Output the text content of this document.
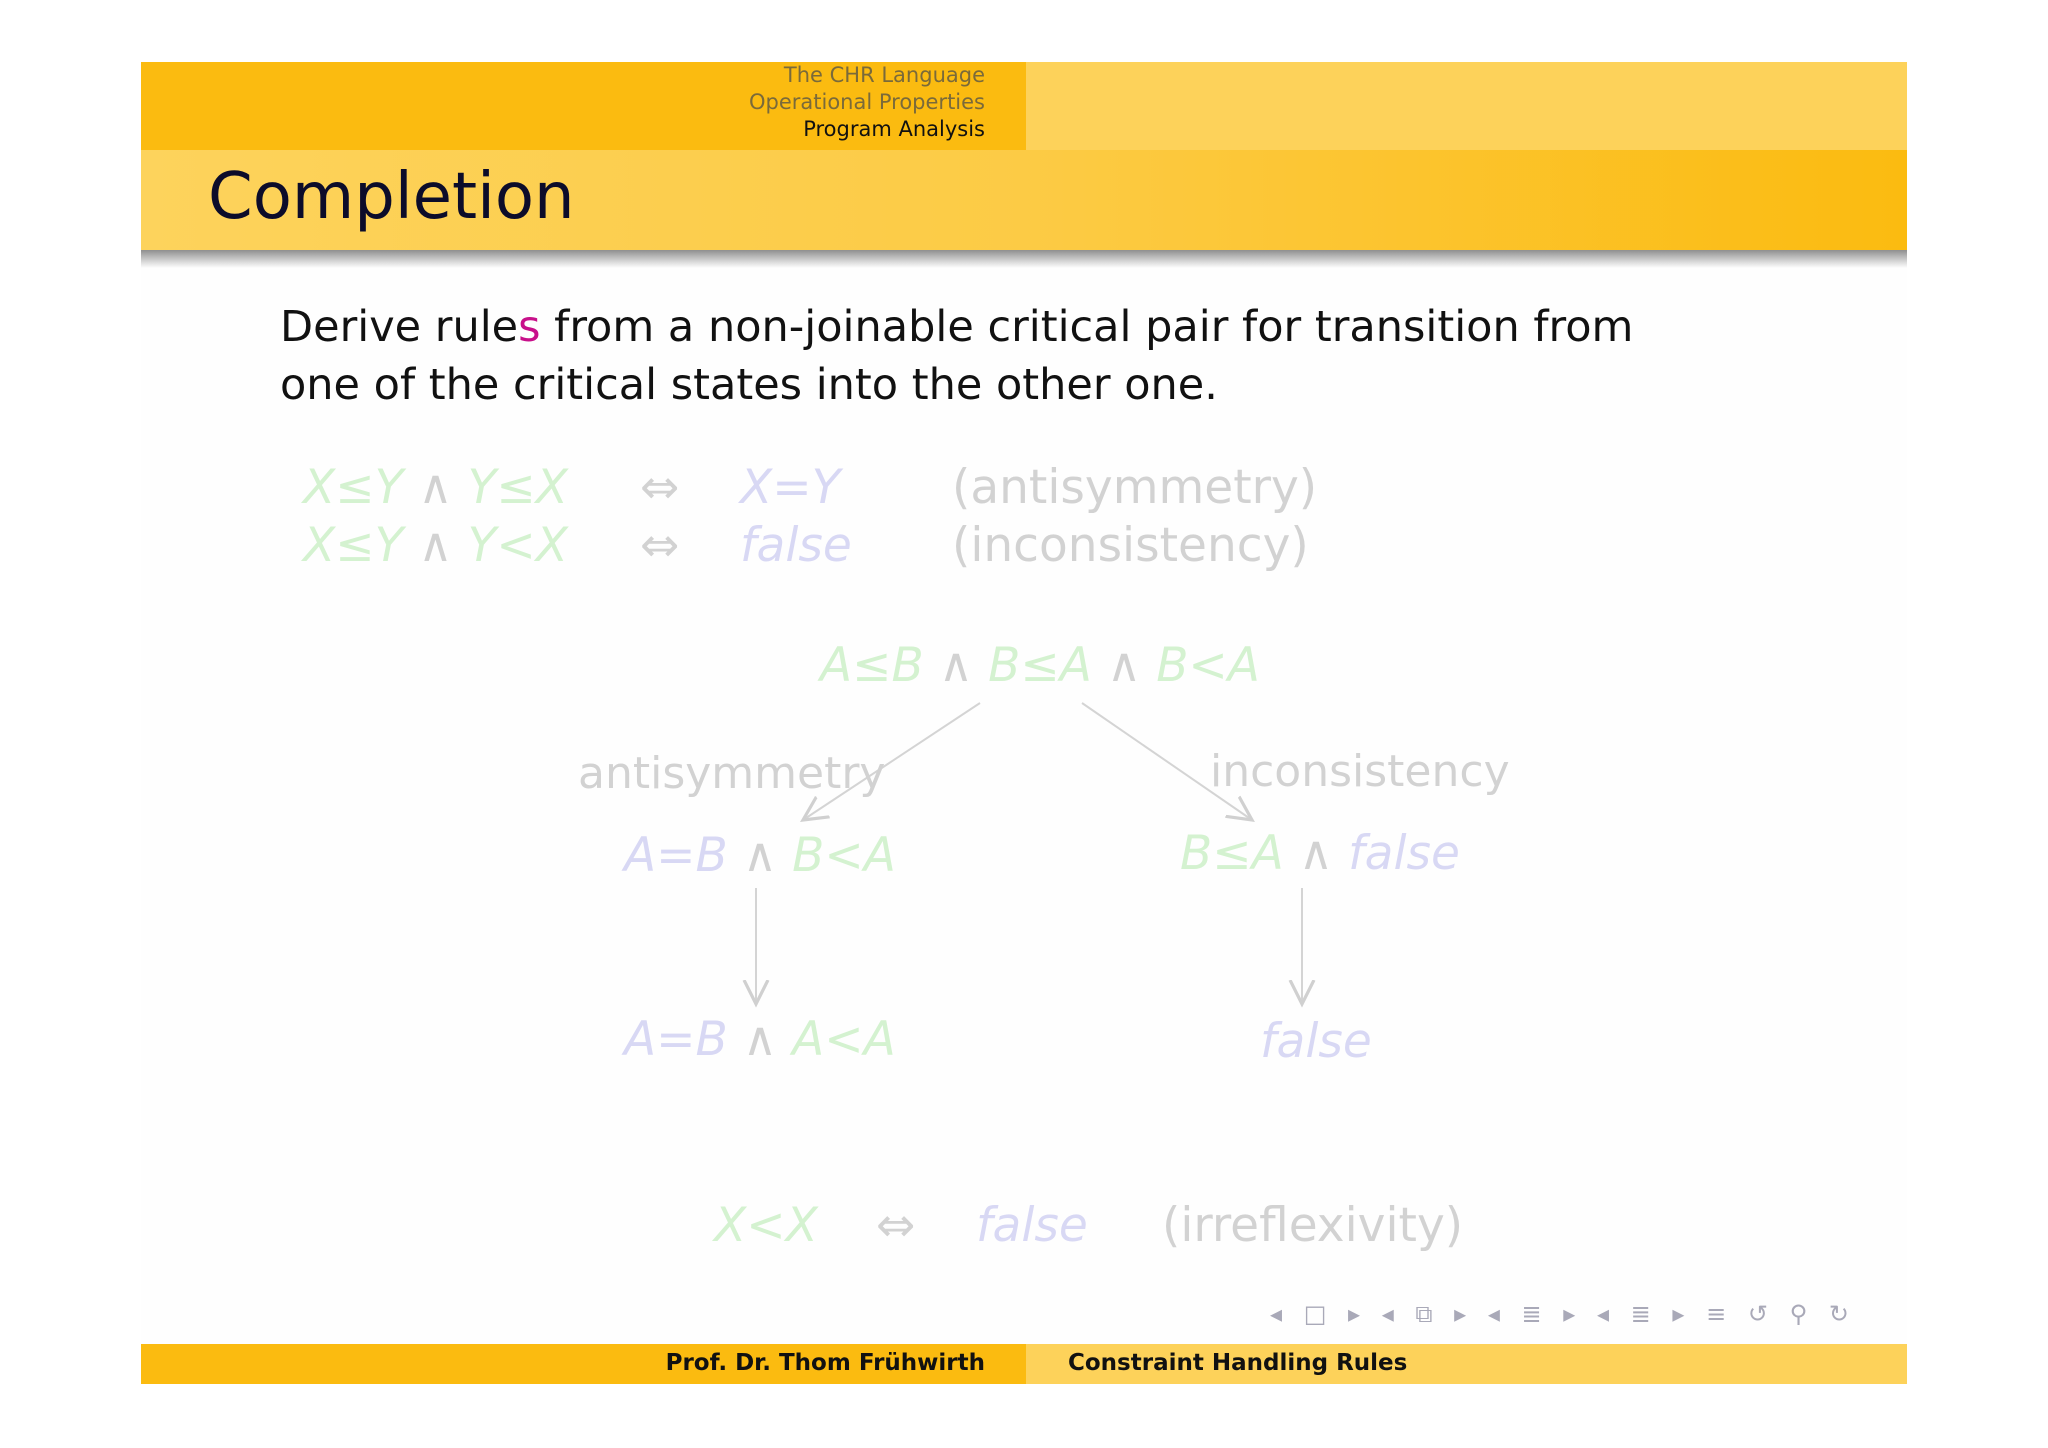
The CHR Language
Operational Properties
Program Analysis
Completion
Derive rules from a non-joinable critical pair for transition from one of the critical states into the other one.
X≤Y ∧ Y≤X ⇔ X=Y (antisymmetry)
X≤Y ∧ Y<X ⇔ false (inconsistency)
A≤B ∧ B≤A ∧ B<A
antisymmetry	inconsistency
A=B ∧ B<A	B≤A ∧ false
A=B ∧ A<A	false
X<X ⇔ false (irreflexivity)
◂ □ ▸ ◂ ⧉ ▸ ◂ ≣ ▸ ◂ ≣ ▸ ≡ ↺ ⚲ ↻
Prof. Dr. Thom Frühwirth	Constraint Handling Rules
